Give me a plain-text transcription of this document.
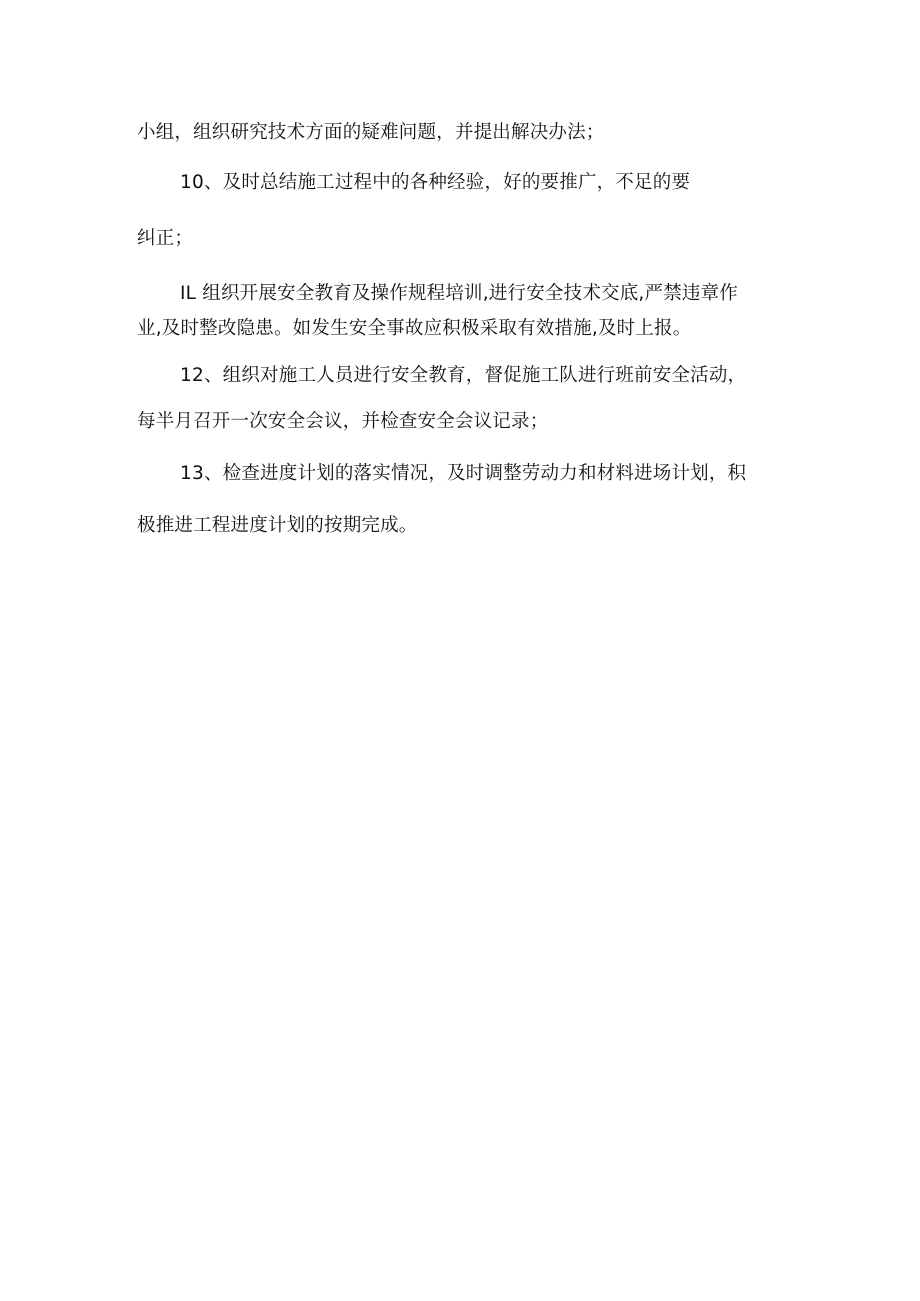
小组，组织研究技术方面的疑难问题，并提出解决办法；
10、及时总结施工过程中的各种经验，好的要推广，不足的要
纠正；
IL 组织开展安全教育及操作规程培训,进行安全技术交底,严禁违章作
业,及时整改隐患。如发生安全事故应积极采取有效措施,及时上报。
12、组织对施工人员进行安全教育，督促施工队进行班前安全活动，
每半月召开一次安全会议，并检查安全会议记录；
13、检查进度计划的落实情况，及时调整劳动力和材料进场计划，积
极推进工程进度计划的按期完成。
